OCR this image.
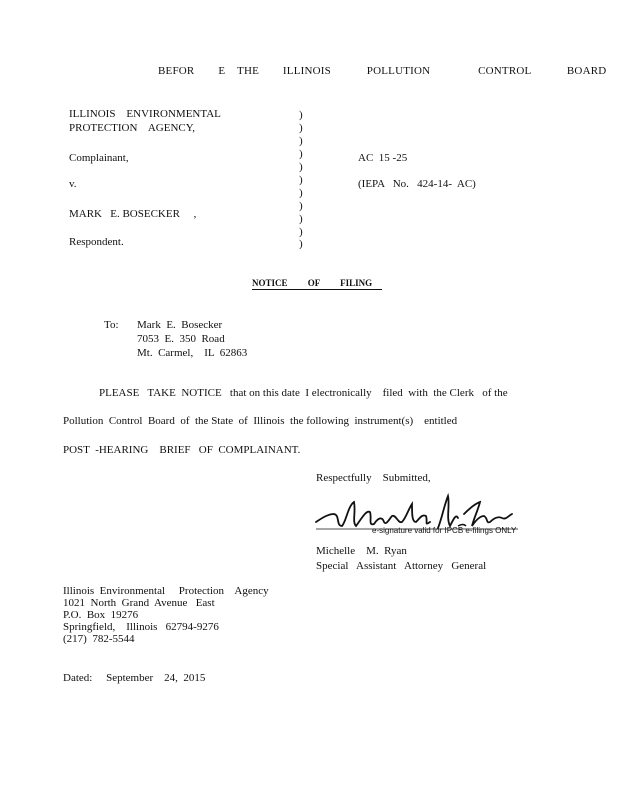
BEFOR  E THE  ILLINOIS   POLLUTION    CONTROL   BOARD
ILLINOIS    ENVIRONMENTAL
PROTECTION    AGENCY,
Complainant,
v.
MARK   E. BOSECKER     ,
Respondent.
)
)
)
)
)
)
)
)
)
)
)
AC  15 -25
(IEPA   No.   424-14-  AC)
NOTICE OF FILING
To: Mark  E.  Bosecker
7053  E.  350  Road
Mt.  Carmel,    IL  62863
PLEASE   TAKE  NOTICE   that on this date  I electronically    filed  with  the Clerk   of the
Pollution  Control  Board  of  the State  of  Illinois  the following  instrument(s)    entitled
POST  -HEARING    BRIEF   OF  COMPLAINANT.
Respectfully    Submitted,
e-signature valid for IPCB e-filings ONLY
Michelle    M.  Ryan
Special   Assistant   Attorney   General
Illinois  Environmental     Protection    Agency
1021  North  Grand  Avenue   East
P.O.  Box  19276
Springfield,    Illinois   62794-9276
(217)  782-5544
Dated:     September    24,  2015
